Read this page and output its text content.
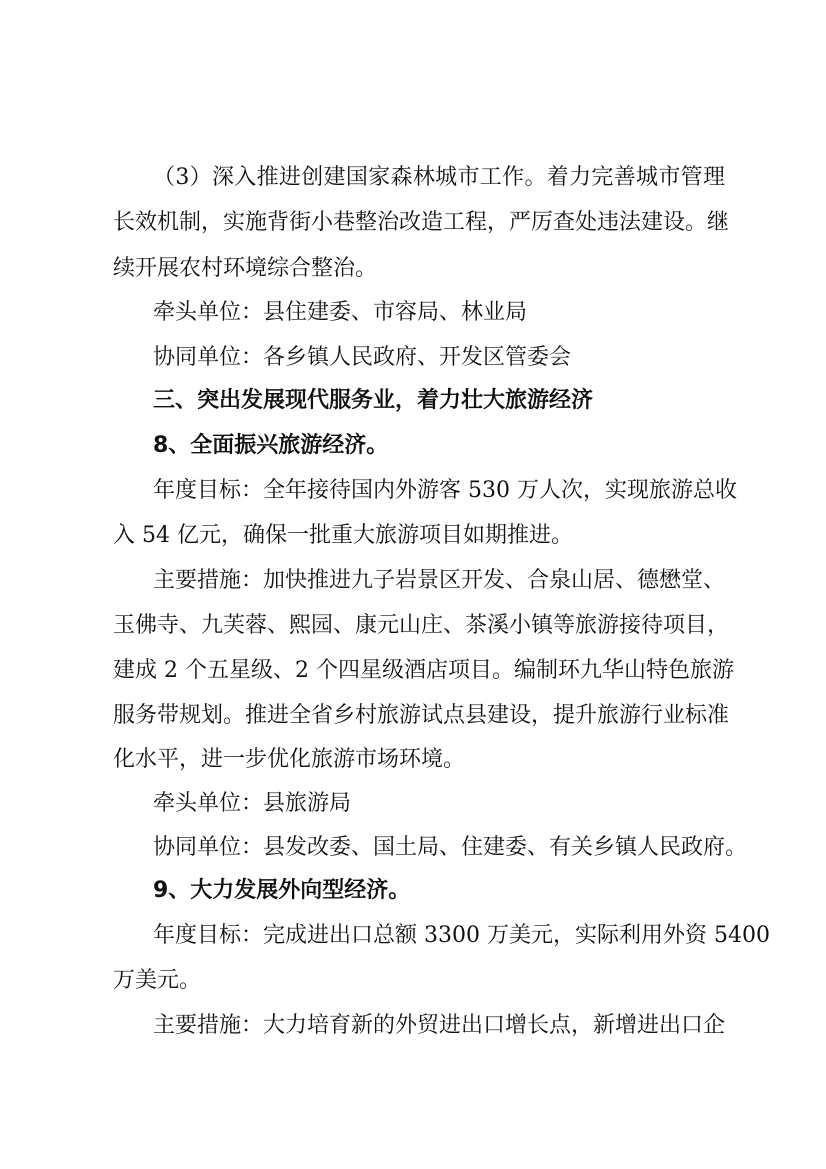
（3）深入推进创建国家森林城市工作。着力完善城市管理
长效机制，实施背街小巷整治改造工程，严厉查处违法建设。继
续开展农村环境综合整治。
牵头单位：县住建委、市容局、林业局
协同单位：各乡镇人民政府、开发区管委会
三、突出发展现代服务业，着力壮大旅游经济
8、全面振兴旅游经济。
年度目标：全年接待国内外游客 530 万人次，实现旅游总收
入 54 亿元，确保一批重大旅游项目如期推进。
主要措施：加快推进九子岩景区开发、合泉山居、德懋堂、
玉佛寺、九芙蓉、熙园、康元山庄、茶溪小镇等旅游接待项目，
建成 2 个五星级、2 个四星级酒店项目。编制环九华山特色旅游
服务带规划。推进全省乡村旅游试点县建设，提升旅游行业标准
化水平，进一步优化旅游市场环境。
牵头单位：县旅游局
协同单位：县发改委、国土局、住建委、有关乡镇人民政府。
9、大力发展外向型经济。
年度目标：完成进出口总额 3300 万美元，实际利用外资 5400
万美元。
主要措施：大力培育新的外贸进出口增长点，新增进出口企
